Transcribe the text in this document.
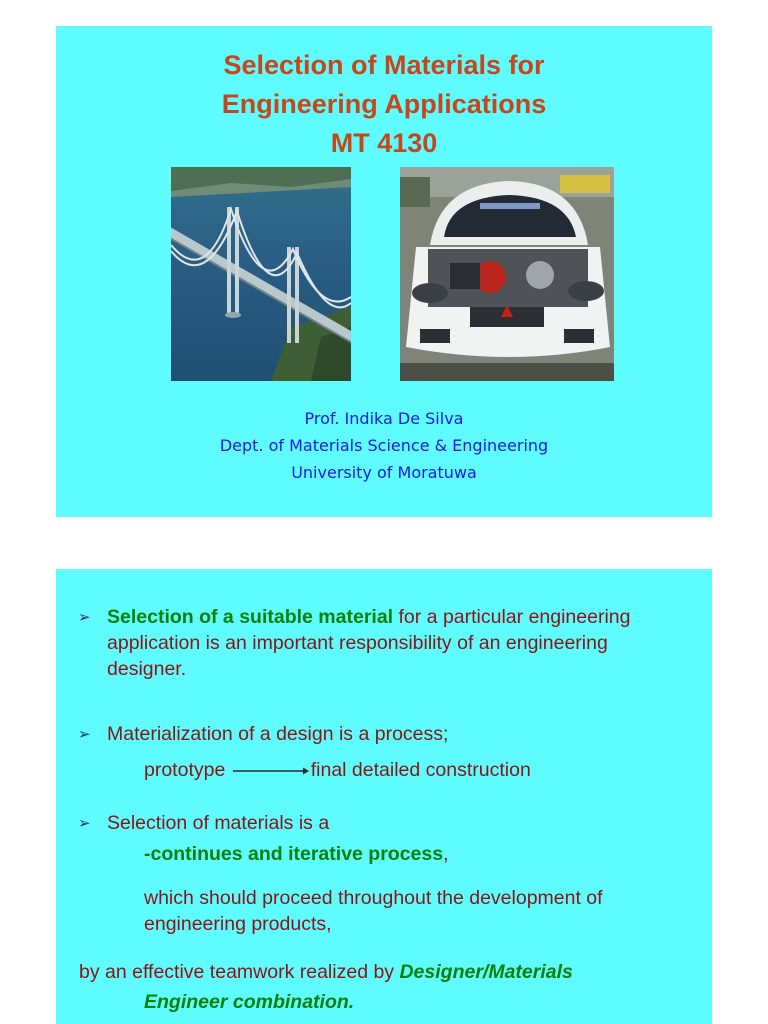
Selection of Materials for
Engineering Applications
MT 4130
Prof. Indika De Silva
Dept. of Materials Science & Engineering
University of Moratuwa
➢ Selection of a suitable material for a particular engineering
application is an important responsibility of an engineering
designer.
➢ Materialization of a design is a process;
prototype	final detailed construction
➢ Selection of materials is a
-continues and iterative process,
which should proceed throughout the development of
engineering products,
by an effective teamwork realized by Designer/Materials
Engineer combination.
